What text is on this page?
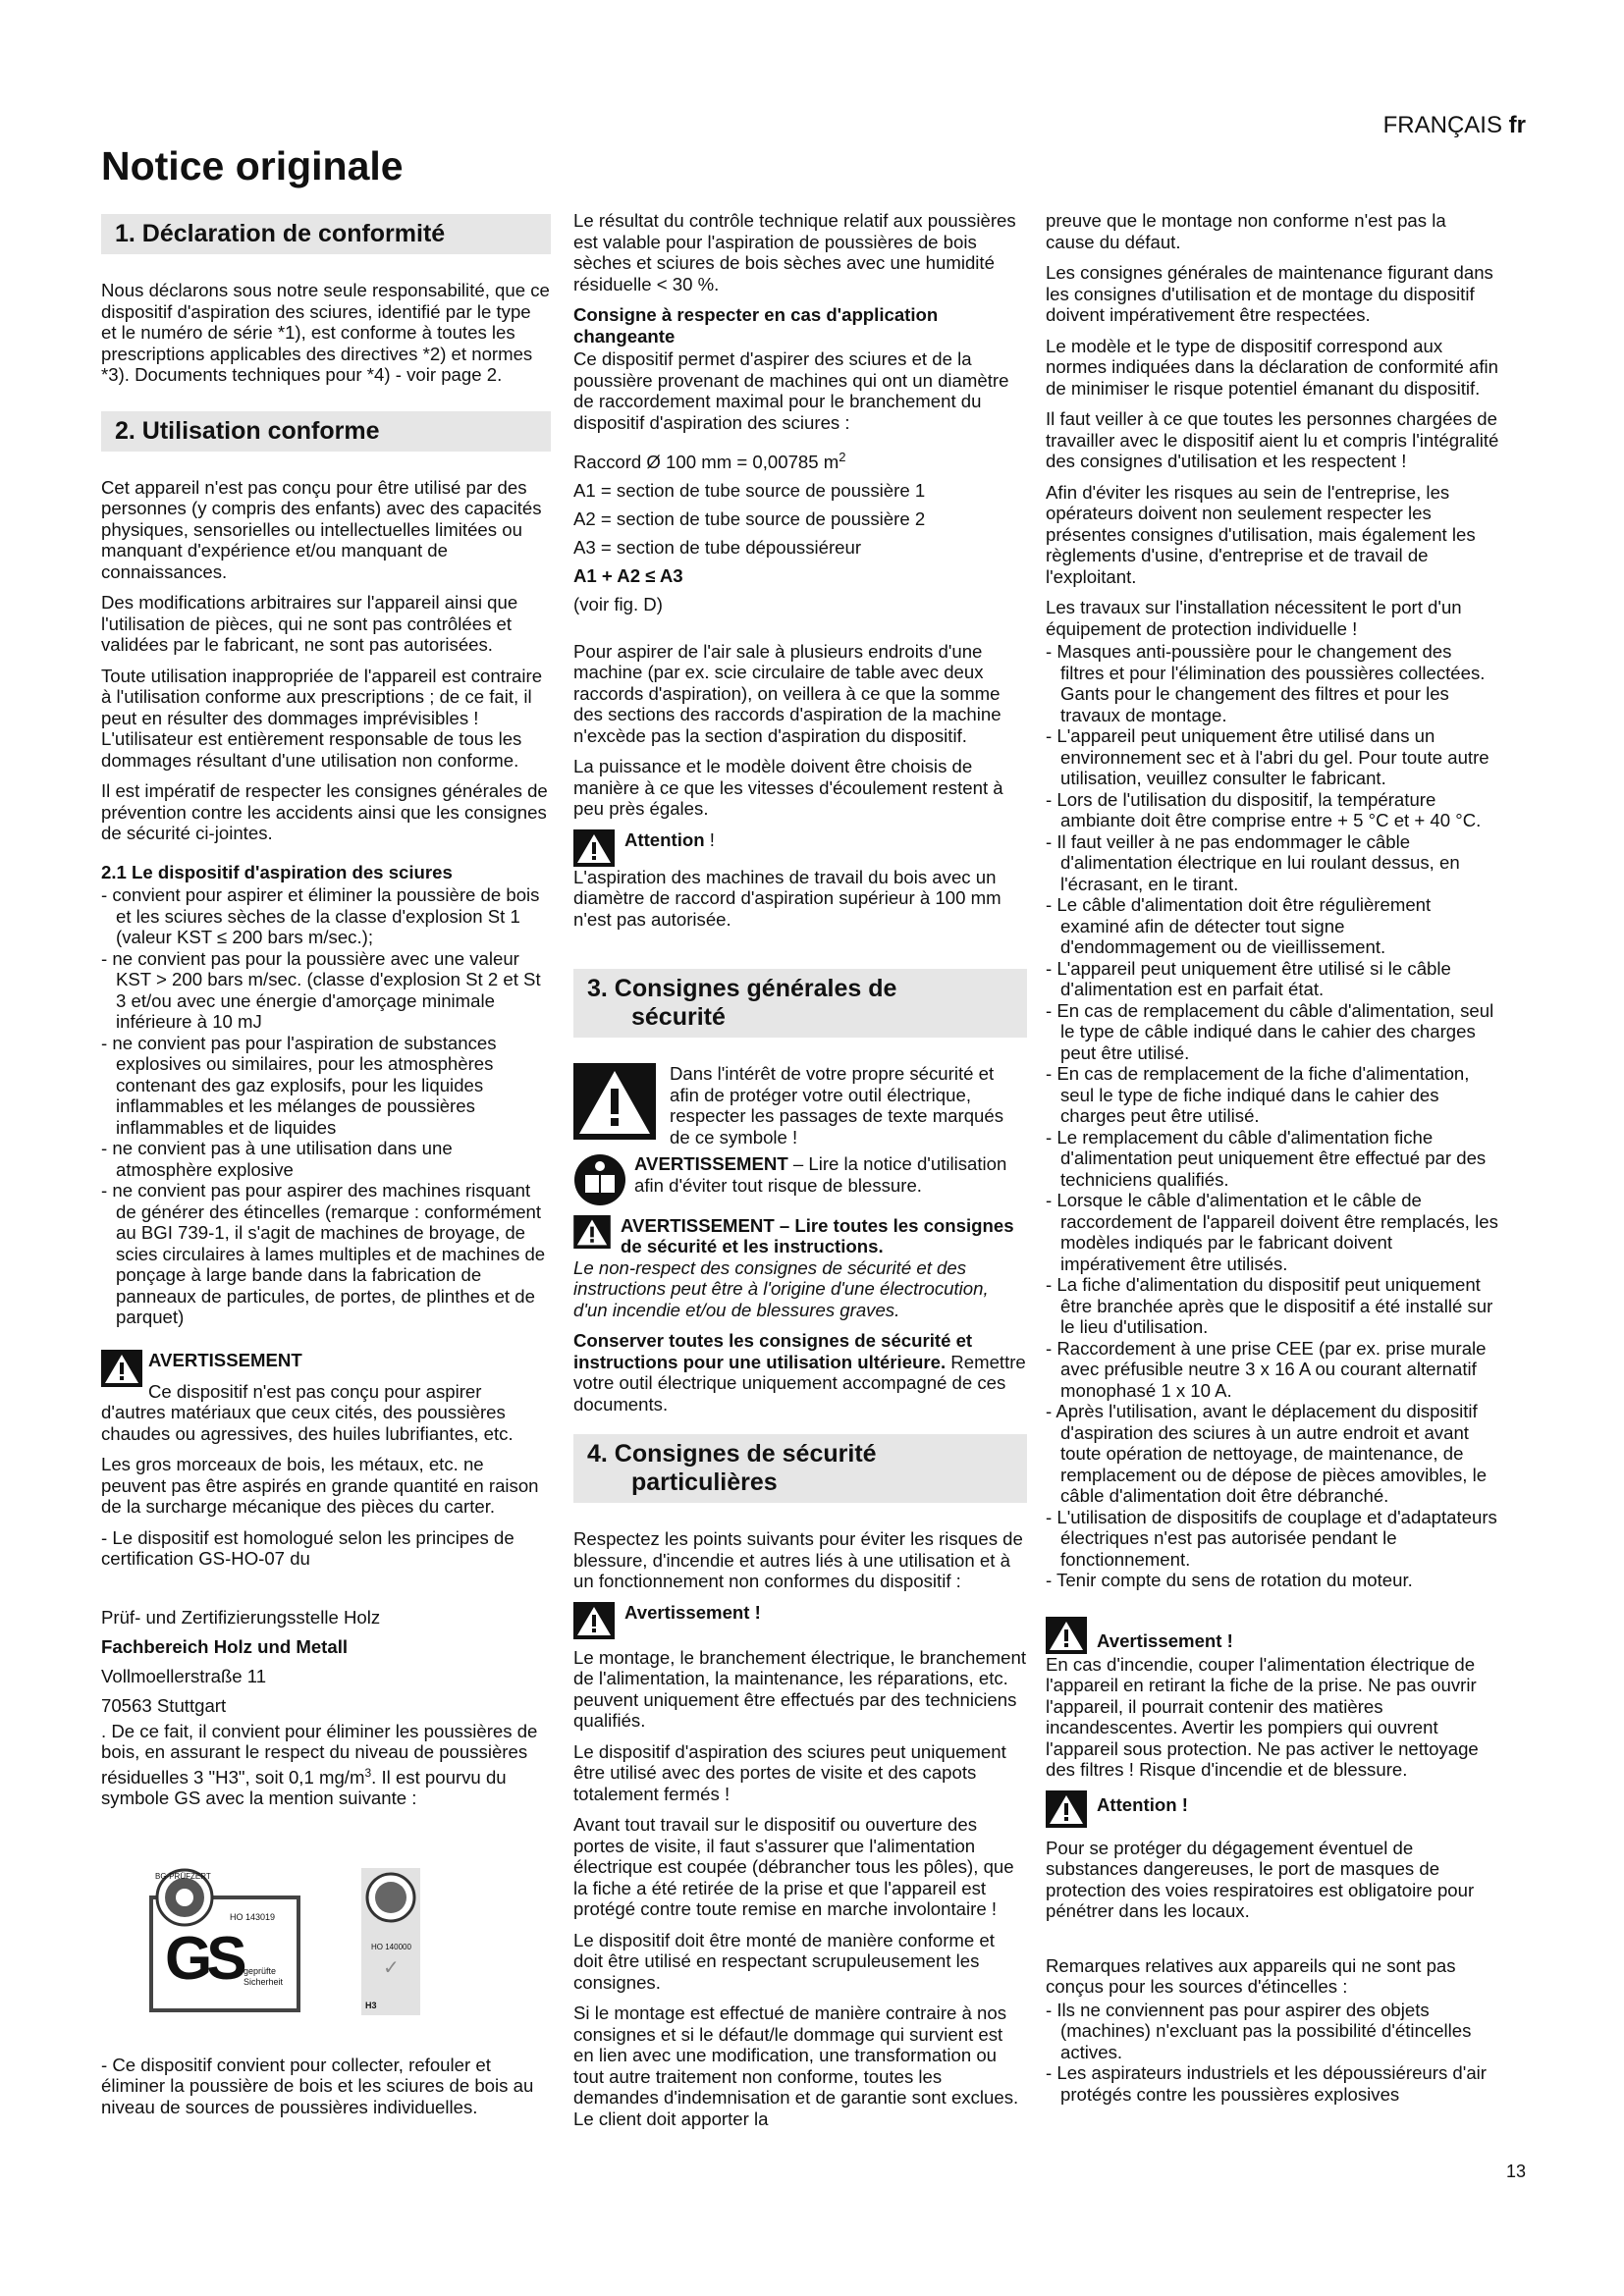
FRANÇAIS fr
Notice originale
1. Déclaration de conformité

Nous déclarons sous notre seule responsabilité, que ce dispositif d'aspiration des sciures, identifié par le type et le numéro de série *1), est conforme à toutes les prescriptions applicables des directives *2) et normes *3). Documents techniques pour *4) - voir page 2.

2. Utilisation conforme

Cet appareil n'est pas conçu pour être utilisé par des personnes (y compris des enfants) avec des capacités physiques, sensorielles ou intellectuelles limitées ou manquant d'expérience et/ou manquant de connaissances.

Des modifications arbitraires sur l'appareil ainsi que l'utilisation de pièces, qui ne sont pas contrôlées et validées par le fabricant, ne sont pas autorisées.

Toute utilisation inappropriée de l'appareil est contraire à l'utilisation conforme aux prescriptions ; de ce fait, il peut en résulter des dommages imprévisibles ! L'utilisateur est entièrement responsable de tous les dommages résultant d'une utilisation non conforme.

Il est impératif de respecter les consignes générales de prévention contre les accidents ainsi que les consignes de sécurité ci-jointes.

2.1 Le dispositif d'aspiration des sciures
- convient pour aspirer et éliminer la poussière de bois et les sciures sèches de la classe d'explosion St 1 (valeur KST ≤ 200 bars m/sec.);
- ne convient pas pour la poussière avec une valeur KST > 200 bars m/sec. (classe d'explosion St 2 et St 3 et/ou avec une énergie d'amorçage minimale inférieure à 10 mJ
- ne convient pas pour l'aspiration de substances explosives ou similaires, pour les atmosphères contenant des gaz explosifs, pour les liquides inflammables et les mélanges de poussières inflammables et de liquides
- ne convient pas à une utilisation dans une atmosphère explosive
- ne convient pas pour aspirer des machines risquant de générer des étincelles (remarque : conformément au BGI 739-1, il s'agit de machines de broyage, de scies circulaires à lames multiples et de machines de ponçage à large bande dans la fabrication de panneaux de particules, de portes, de plinthes et de parquet)
AVERTISSEMENT

Ce dispositif n'est pas conçu pour aspirer d'autres matériaux que ceux cités, des poussières chaudes ou agressives, des huiles lubrifiantes, etc.

Les gros morceaux de bois, les métaux, etc. ne peuvent pas être aspirés en grande quantité en raison de la surcharge mécanique des pièces du carter.

- Le dispositif est homologué selon les principes de certification GS-HO-07 du

Prüf- und Zertifizierungsstelle Holz
Fachbereich Holz und Metall
Vollmoellerstraße 11
70563 Stuttgart

. De ce fait, il convient pour éliminer les poussières de bois, en assurant le respect du niveau de poussières résiduelles 3 "H3", soit 0,1 $mg/m^3$. Il est pourvu du symbole GS avec la mention suivante :

GS
BG-PRÜFZERT
HO 143019
geprüfte Sicherheit
HO 140000
✓
H3

- Ce dispositif convient pour collecter, refouler et éliminer la poussière de bois et les sciures de bois au niveau de sources de poussières individuelles.

Le résultat du contrôle technique relatif aux poussières est valable pour l'aspiration de poussières de bois sèches et sciures de bois sèches avec une humidité résiduelle < 30 %.

Consigne à respecter en cas d'application changeante

Ce dispositif permet d'aspirer des sciures et de la poussière provenant de machines qui ont un diamètre de raccordement maximal pour le branchement du dispositif d'aspiration des sciures :

Raccord Ø 100 mm = 0,00785 $m^2$
A1 = section de tube source de poussière 1
A2 = section de tube source de poussière 2
A3 = section de tube dépoussiéreur
A1 + A2 ≤ A3

(voir fig. D)

Pour aspirer de l'air sale à plusieurs endroits d'une machine (par ex. scie circulaire de table avec deux raccords d'aspiration), on veillera à ce que la somme des sections des raccords d'aspiration de la machine n'excède pas la section d'aspiration du dispositif.

La puissance et le modèle doivent être choisis de manière à ce que les vitesses d'écoulement restent à peu près égales.

Attention !

L'aspiration des machines de travail du bois avec un diamètre de raccord d'aspiration supérieur à 100 mm n'est pas autorisée.

3. Consignes générales de
sécurité
Dans l'intérêt de votre propre sécurité et afin de protéger votre outil électrique, respecter les passages de texte marqués de ce symbole !
AVERTISSEMENT – Lire la notice d'utilisation afin d'éviter tout risque de blessure.
AVERTISSEMENT – Lire toutes les consignes de sécurité et les instructions.

Le non-respect des consignes de sécurité et des instructions peut être à l'origine d'une électrocution, d'un incendie et/ou de blessures graves.

Conserver toutes les consignes de sécurité et instructions pour une utilisation ultérieure. Remettre votre outil électrique uniquement accompagné de ces documents.

4. Consignes de sécurité
particulières

Respectez les points suivants pour éviter les risques de blessure, d'incendie et autres liés à une utilisation et à un fonctionnement non conformes du dispositif :

Avertissement !

Le montage, le branchement électrique, le branchement de l'alimentation, la maintenance, les réparations, etc. peuvent uniquement être effectués par des techniciens qualifiés.

Le dispositif d'aspiration des sciures peut uniquement être utilisé avec des portes de visite et des capots totalement fermés !

Avant tout travail sur le dispositif ou ouverture des portes de visite, il faut s'assurer que l'alimentation électrique est coupée (débrancher tous les pôles), que la fiche a été retirée de la prise et que l'appareil est protégé contre toute remise en marche involontaire !

Le dispositif doit être monté de manière conforme et doit être utilisé en respectant scrupuleusement les consignes.

Si le montage est effectué de manière contraire à nos consignes et si le défaut/le dommage qui survient est en lien avec une modification, une transformation ou tout autre traitement non conforme, toutes les demandes d'indemnisation et de garantie sont exclues. Le client doit apporter la

preuve que le montage non conforme n'est pas la cause du défaut.

Les consignes générales de maintenance figurant dans les consignes d'utilisation et de montage du dispositif doivent impérativement être respectées.

Le modèle et le type de dispositif correspond aux normes indiquées dans la déclaration de conformité afin de minimiser le risque potentiel émanant du dispositif.

Il faut veiller à ce que toutes les personnes chargées de travailler avec le dispositif aient lu et compris l'intégralité des consignes d'utilisation et les respectent !

Afin d'éviter les risques au sein de l'entreprise, les opérateurs doivent non seulement respecter les présentes consignes d'utilisation, mais également les règlements d'usine, d'entreprise et de travail de l'exploitant.

Les travaux sur l'installation nécessitent le port d'un équipement de protection individuelle !

- Masques anti-poussière pour le changement des filtres et pour l'élimination des poussières collectées. Gants pour le changement des filtres et pour les travaux de montage.
- L'appareil peut uniquement être utilisé dans un environnement sec et à l'abri du gel. Pour toute autre utilisation, veuillez consulter le fabricant.
- Lors de l'utilisation du dispositif, la température ambiante doit être comprise entre + 5 °C et + 40 °C.
- Il faut veiller à ne pas endommager le câble d'alimentation électrique en lui roulant dessus, en l'écrasant, en le tirant.
- Le câble d'alimentation doit être régulièrement examiné afin de détecter tout signe d'endommagement ou de vieillissement.
- L'appareil peut uniquement être utilisé si le câble d'alimentation est en parfait état.
- En cas de remplacement du câble d'alimentation, seul le type de câble indiqué dans le cahier des charges peut être utilisé.
- En cas de remplacement de la fiche d'alimentation, seul le type de fiche indiqué dans le cahier des charges peut être utilisé.
- Le remplacement du câble d'alimentation fiche d'alimentation peut uniquement être effectué par des techniciens qualifiés.
- Lorsque le câble d'alimentation et le câble de raccordement de l'appareil doivent être remplacés, les modèles indiqués par le fabricant doivent impérativement être utilisés.
- La fiche d'alimentation du dispositif peut uniquement être branchée après que le dispositif a été installé sur le lieu d'utilisation.
- Raccordement à une prise CEE (par ex. prise murale avec préfusible neutre 3 x 16 A ou courant alternatif monophasé 1 x 10 A.
- Après l'utilisation, avant le déplacement du dispositif d'aspiration des sciures à un autre endroit et avant toute opération de nettoyage, de maintenance, de remplacement ou de dépose de pièces amovibles, le câble d'alimentation doit être débranché.
- L'utilisation de dispositifs de couplage et d'adaptateurs électriques n'est pas autorisée pendant le fonctionnement.
- Tenir compte du sens de rotation du moteur.
Avertissement !

En cas d'incendie, couper l'alimentation électrique de l'appareil en retirant la fiche de la prise. Ne pas ouvrir l'appareil, il pourrait contenir des matières incandescentes. Avertir les pompiers qui ouvrent l'appareil sous protection. Ne pas activer le nettoyage des filtres ! Risque d'incendie et de blessure.

Attention !

Pour se protéger du dégagement éventuel de substances dangereuses, le port de masques de protection des voies respiratoires est obligatoire pour pénétrer dans les locaux.

Remarques relatives aux appareils qui ne sont pas conçus pour les sources d'étincelles :

- Ils ne conviennent pas pour aspirer des objets (machines) n'excluant pas la possibilité d'étincelles actives.
- Les aspirateurs industriels et les dépoussiéreurs d'air protégés contre les poussières explosives
13
